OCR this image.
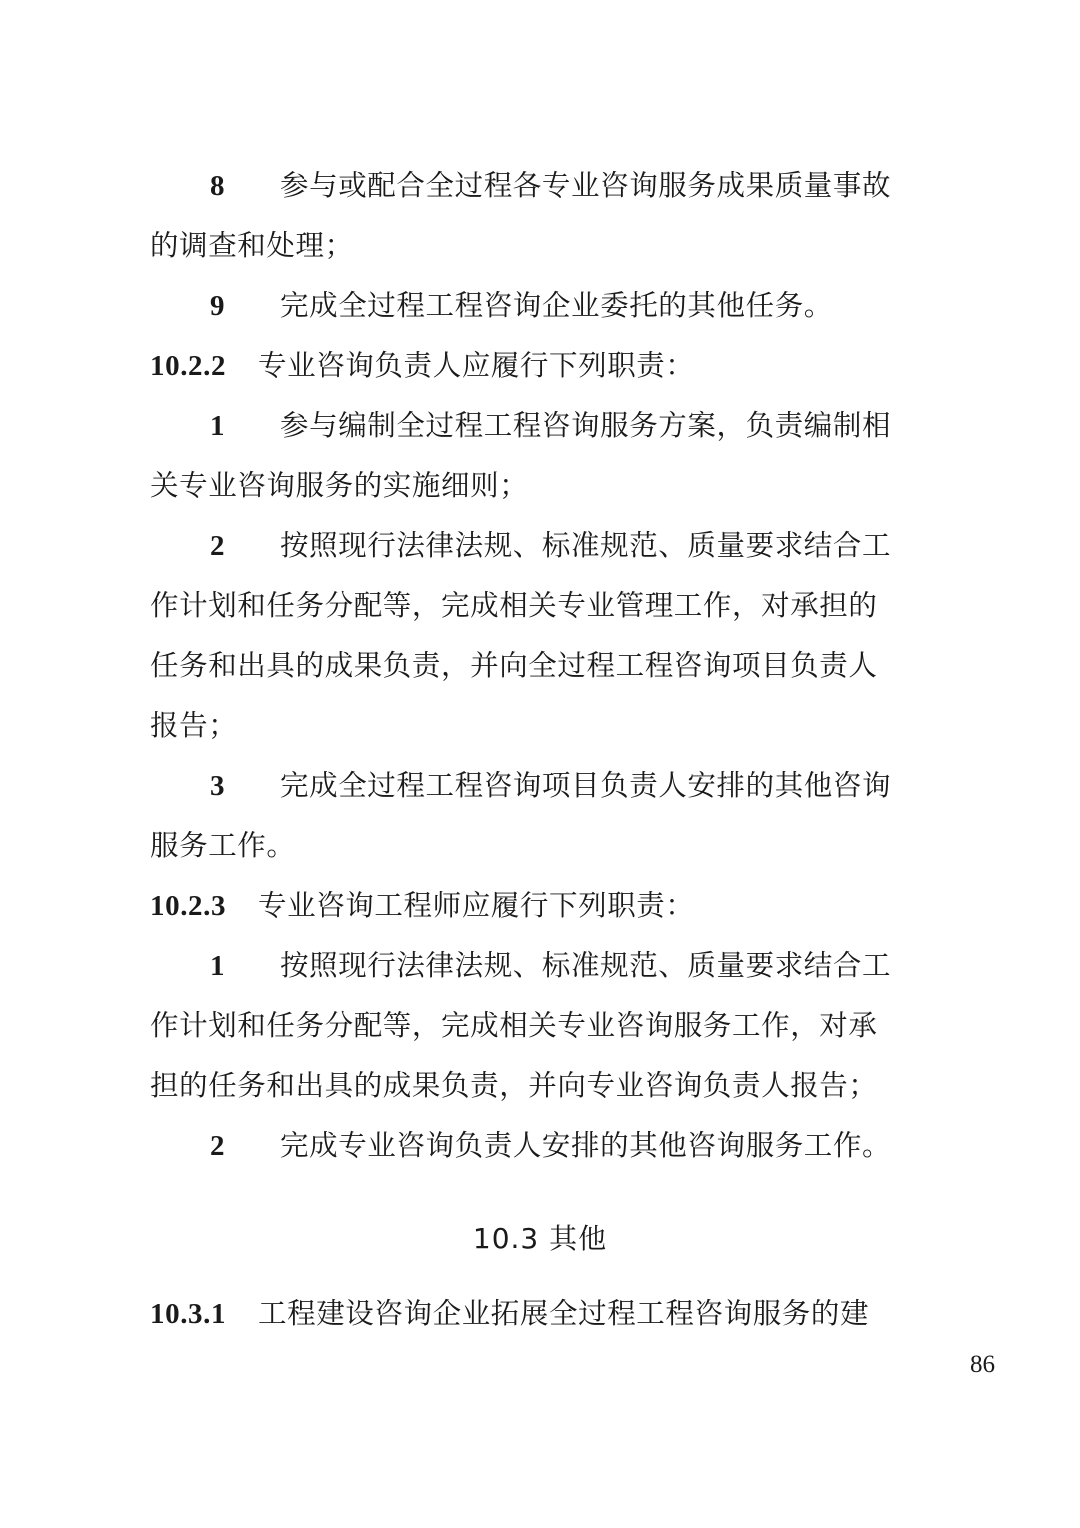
8	参与或配合全过程各专业咨询服务成果质量事故
的调查和处理；
9	完成全过程工程咨询企业委托的其他任务。
10.2.2 专业咨询负责人应履行下列职责：
1	参与编制全过程工程咨询服务方案，负责编制相
关专业咨询服务的实施细则；
2	按照现行法律法规、标准规范、质量要求结合工
作计划和任务分配等，完成相关专业管理工作，对承担的
任务和出具的成果负责，并向全过程工程咨询项目负责人
报告；
3	完成全过程工程咨询项目负责人安排的其他咨询
服务工作。
10.2.3 专业咨询工程师应履行下列职责：
1	按照现行法律法规、标准规范、质量要求结合工
作计划和任务分配等，完成相关专业咨询服务工作，对承
担的任务和出具的成果负责，并向专业咨询负责人报告；
2	完成专业咨询负责人安排的其他咨询服务工作。
10.3 其他
10.3.1 工程建设咨询企业拓展全过程工程咨询服务的建
86
